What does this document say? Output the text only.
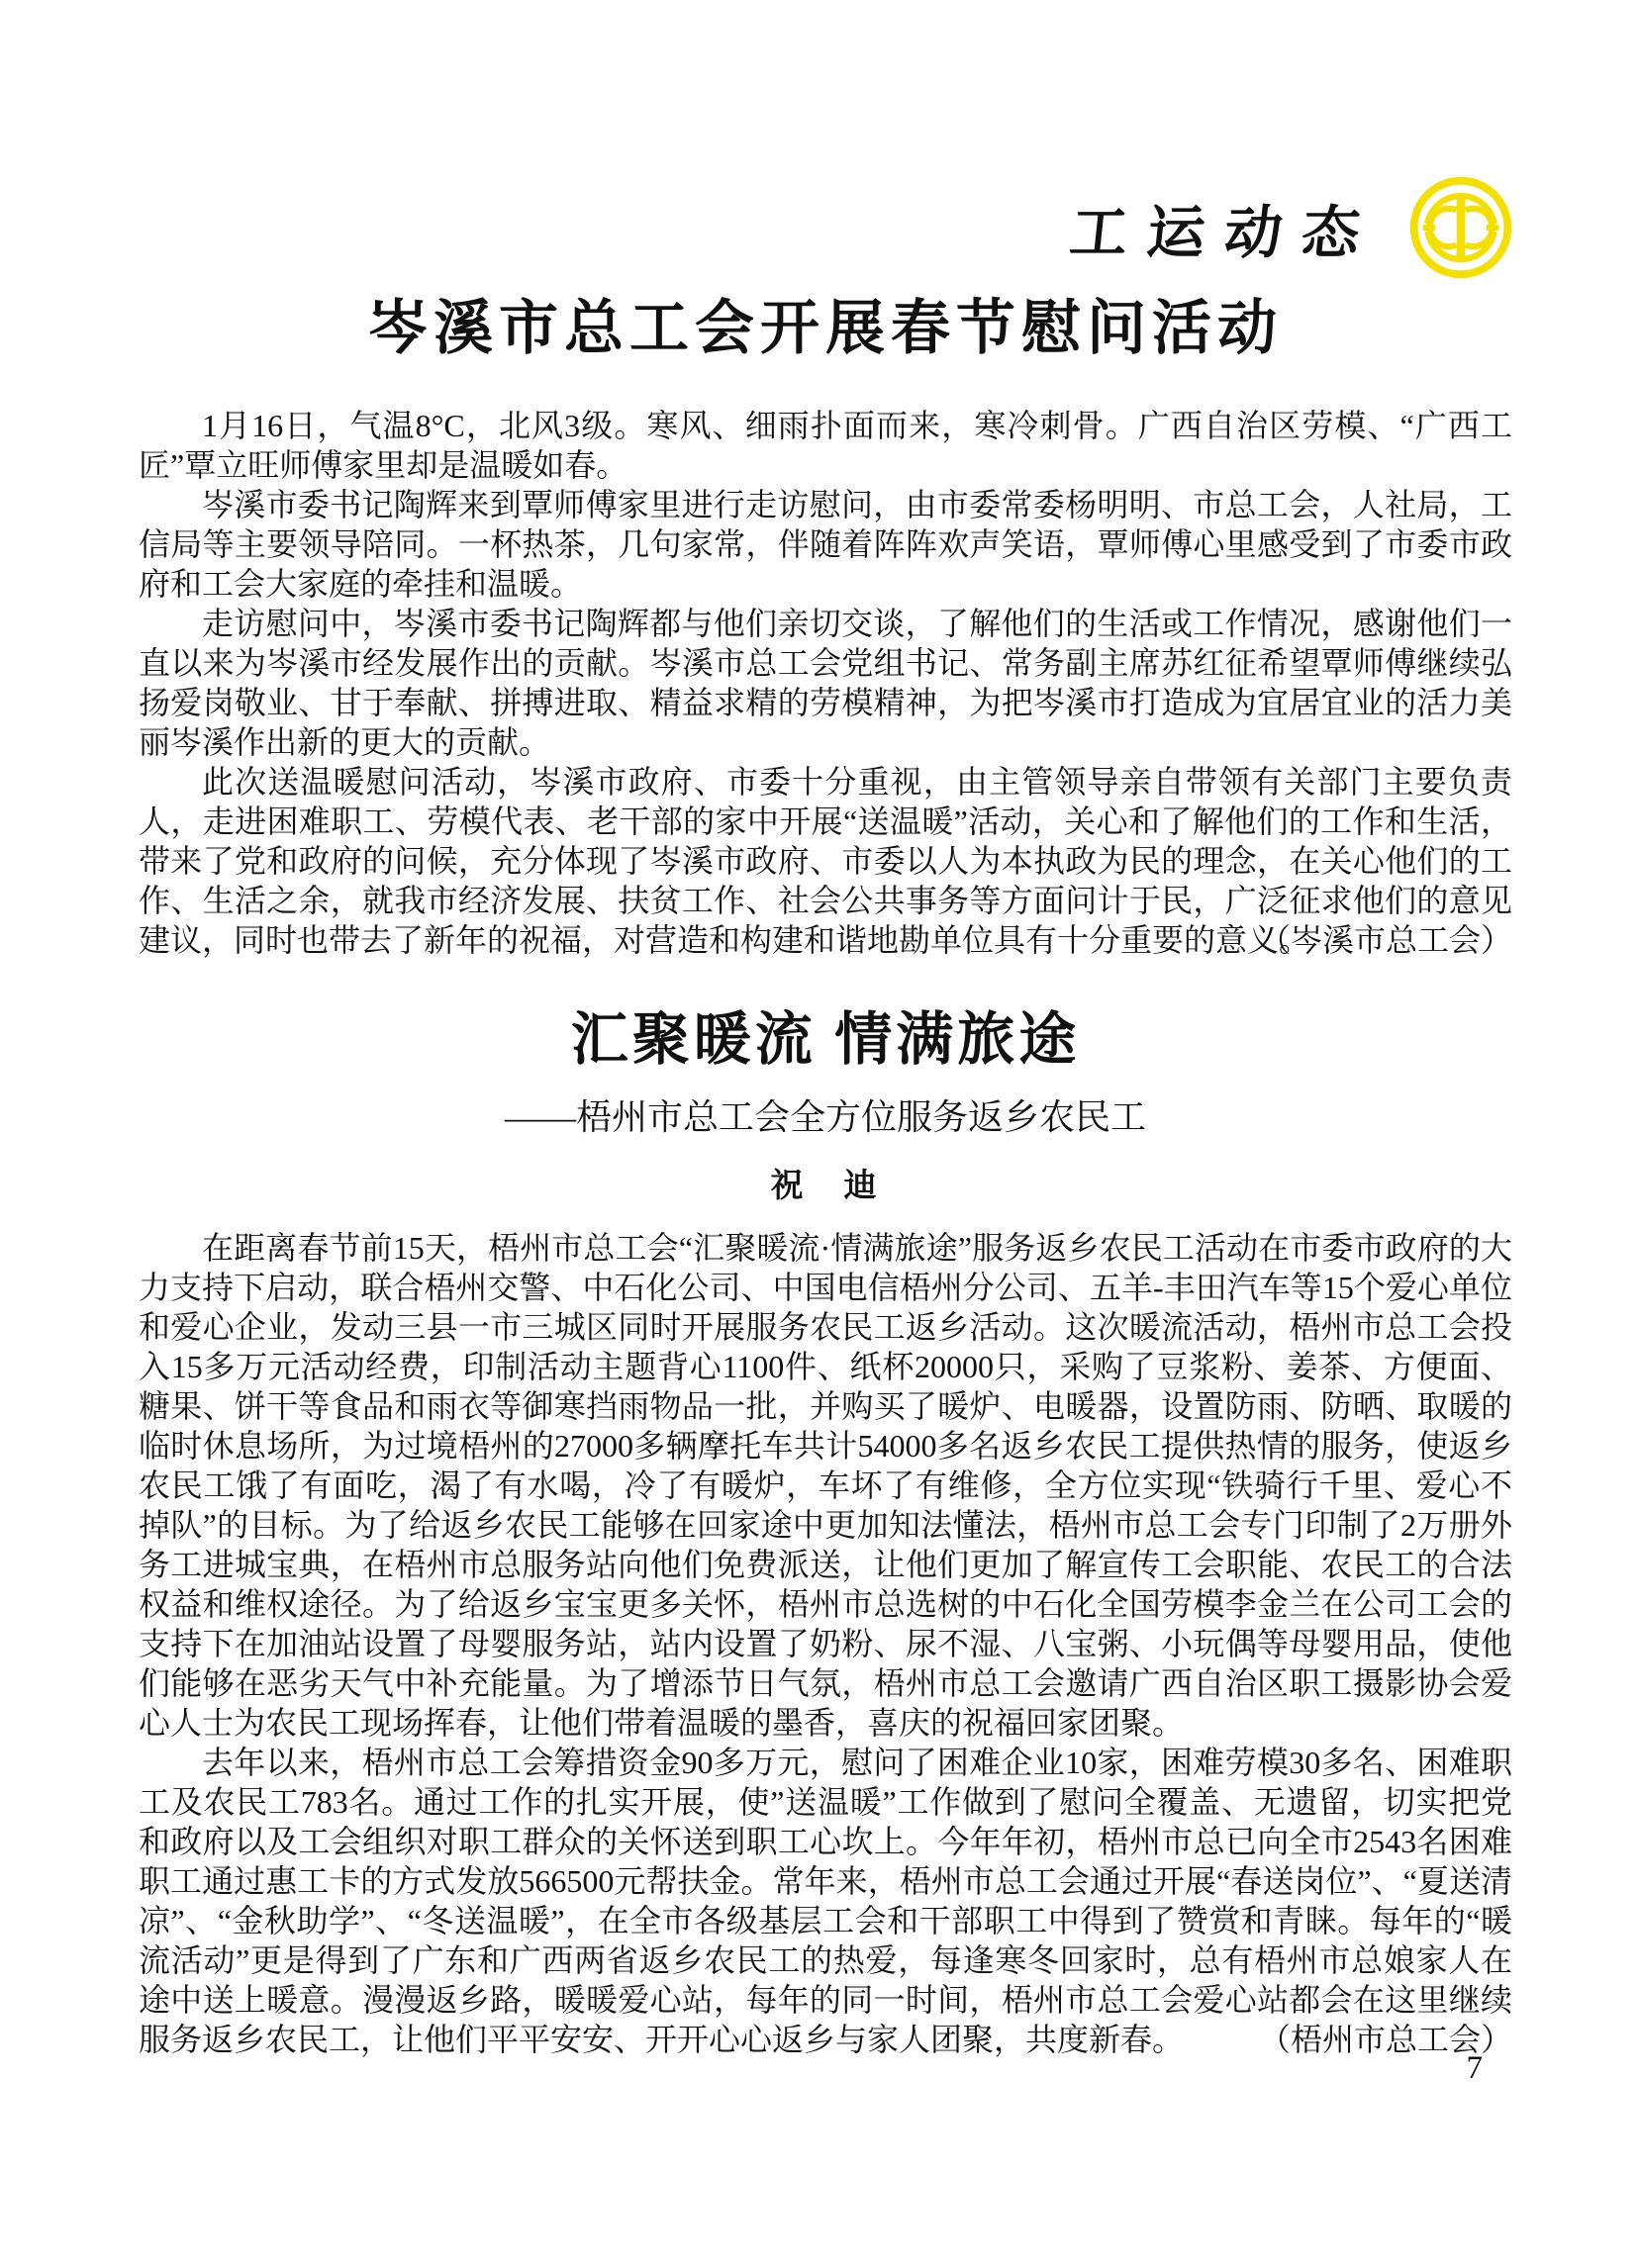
工运动态
岑溪市总工会开展春节慰问活动

1月16日，气温8°C，北风3级。寒风、细雨扑面而来，寒冷刺骨。广西自治区劳模、“广西工匠”覃立旺师傅家里却是温暖如春。

岑溪市委书记陶辉来到覃师傅家里进行走访慰问，由市委常委杨明明、市总工会，人社局，工信局等主要领导陪同。一杯热茶，几句家常，伴随着阵阵欢声笑语，覃师傅心里感受到了市委市政府和工会大家庭的牵挂和温暖。

走访慰问中，岑溪市委书记陶辉都与他们亲切交谈，了解他们的生活或工作情况，感谢他们一直以来为岑溪市经发展作出的贡献。岑溪市总工会党组书记、常务副主席苏红征希望覃师傅继续弘扬爱岗敬业、甘于奉献、拼搏进取、精益求精的劳模精神，为把岑溪市打造成为宜居宜业的活力美丽岑溪作出新的更大的贡献。

此次送温暖慰问活动，岑溪市政府、市委十分重视，由主管领导亲自带领有关部门主要负责人，走进困难职工、劳模代表、老干部的家中开展“送温暖”活动，关心和了解他们的工作和生活，带来了党和政府的问候，充分体现了岑溪市政府、市委以人为本执政为民的理念，在关心他们的工作、生活之余，就我市经济发展、扶贫工作、社会公共事务等方面问计于民，广泛征求他们的意见建议，同时也带去了新年的祝福，对营造和构建和谐地勘单位具有十分重要的意义。

（岑溪市总工会）
汇聚暖流 情满旅途
——梧州市总工会全方位服务返乡农民工
祝　迪

在距离春节前15天，梧州市总工会“汇聚暖流·情满旅途”服务返乡农民工活动在市委市政府的大力支持下启动，联合梧州交警、中石化公司、中国电信梧州分公司、五羊-丰田汽车等15个爱心单位和爱心企业，发动三县一市三城区同时开展服务农民工返乡活动。这次暖流活动，梧州市总工会投入15多万元活动经费，印制活动主题背心1100件、纸杯20000只，采购了豆浆粉、姜茶、方便面、糖果、饼干等食品和雨衣等御寒挡雨物品一批，并购买了暖炉、电暖器，设置防雨、防晒、取暖的临时休息场所，为过境梧州的27000多辆摩托车共计54000多名返乡农民工提供热情的服务，使返乡农民工饿了有面吃，渴了有水喝，冷了有暖炉，车坏了有维修，全方位实现“铁骑行千里、爱心不掉队”的目标。为了给返乡农民工能够在回家途中更加知法懂法，梧州市总工会专门印制了2万册外务工进城宝典，在梧州市总服务站向他们免费派送，让他们更加了解宣传工会职能、农民工的合法权益和维权途径。为了给返乡宝宝更多关怀，梧州市总选树的中石化全国劳模李金兰在公司工会的支持下在加油站设置了母婴服务站，站内设置了奶粉、尿不湿、八宝粥、小玩偶等母婴用品，使他们能够在恶劣天气中补充能量。为了增添节日气氛，梧州市总工会邀请广西自治区职工摄影协会爱心人士为农民工现场挥春，让他们带着温暖的墨香，喜庆的祝福回家团聚。

去年以来，梧州市总工会筹措资金90多万元，慰问了困难企业10家，困难劳模30多名、困难职工及农民工783名。通过工作的扎实开展，使”送温暖”工作做到了慰问全覆盖、无遗留，切实把党和政府以及工会组织对职工群众的关怀送到职工心坎上。今年年初，梧州市总已向全市2543名困难职工通过惠工卡的方式发放566500元帮扶金。常年来，梧州市总工会通过开展“春送岗位”、“夏送清凉”、“金秋助学”、“冬送温暖”，在全市各级基层工会和干部职工中得到了赞赏和青睐。每年的“暖流活动”更是得到了广东和广西两省返乡农民工的热爱，每逢寒冬回家时，总有梧州市总娘家人在途中送上暖意。漫漫返乡路，暖暖爱心站，每年的同一时间，梧州市总工会爱心站都会在这里继续服务返乡农民工，让他们平平安安、开开心心返乡与家人团聚，共度新春。	（梧州市总工会）
7
